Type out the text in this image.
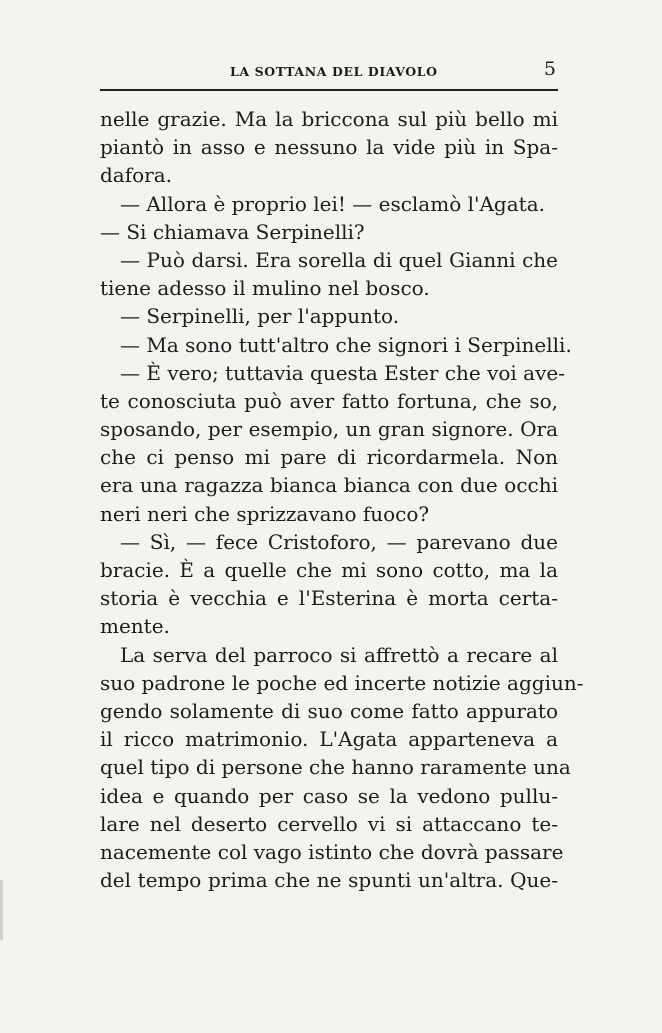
LA SOTTANA DEL DIAVOLO	5
nelle grazie. Ma la briccona sul più bello mi
piantò in asso e nessuno la vide più in Spa-
dafora.
— Allora è proprio lei! — esclamò l'Agata.
— Si chiamava Serpinelli?
— Può darsi. Era sorella di quel Gianni che
tiene adesso il mulino nel bosco.
— Serpinelli, per l'appunto.
— Ma sono tutt'altro che signori i Serpinelli.
— È vero; tuttavia questa Ester che voi ave-
te conosciuta può aver fatto fortuna, che so,
sposando, per esempio, un gran signore. Ora
che ci penso mi pare di ricordarmela. Non
era una ragazza bianca bianca con due occhi
neri neri che sprizzavano fuoco?
— Sì, — fece Cristoforo, — parevano due
bracie. È a quelle che mi sono cotto, ma la
storia è vecchia e l'Esterina è morta certa-
mente.
La serva del parroco si affrettò a recare al
suo padrone le poche ed incerte notizie aggiun-
gendo solamente di suo come fatto appurato
il ricco matrimonio. L'Agata apparteneva a
quel tipo di persone che hanno raramente una
idea e quando per caso se la vedono pullu-
lare nel deserto cervello vi si attaccano te-
nacemente col vago istinto che dovrà passare
del tempo prima che ne spunti un'altra. Que-
